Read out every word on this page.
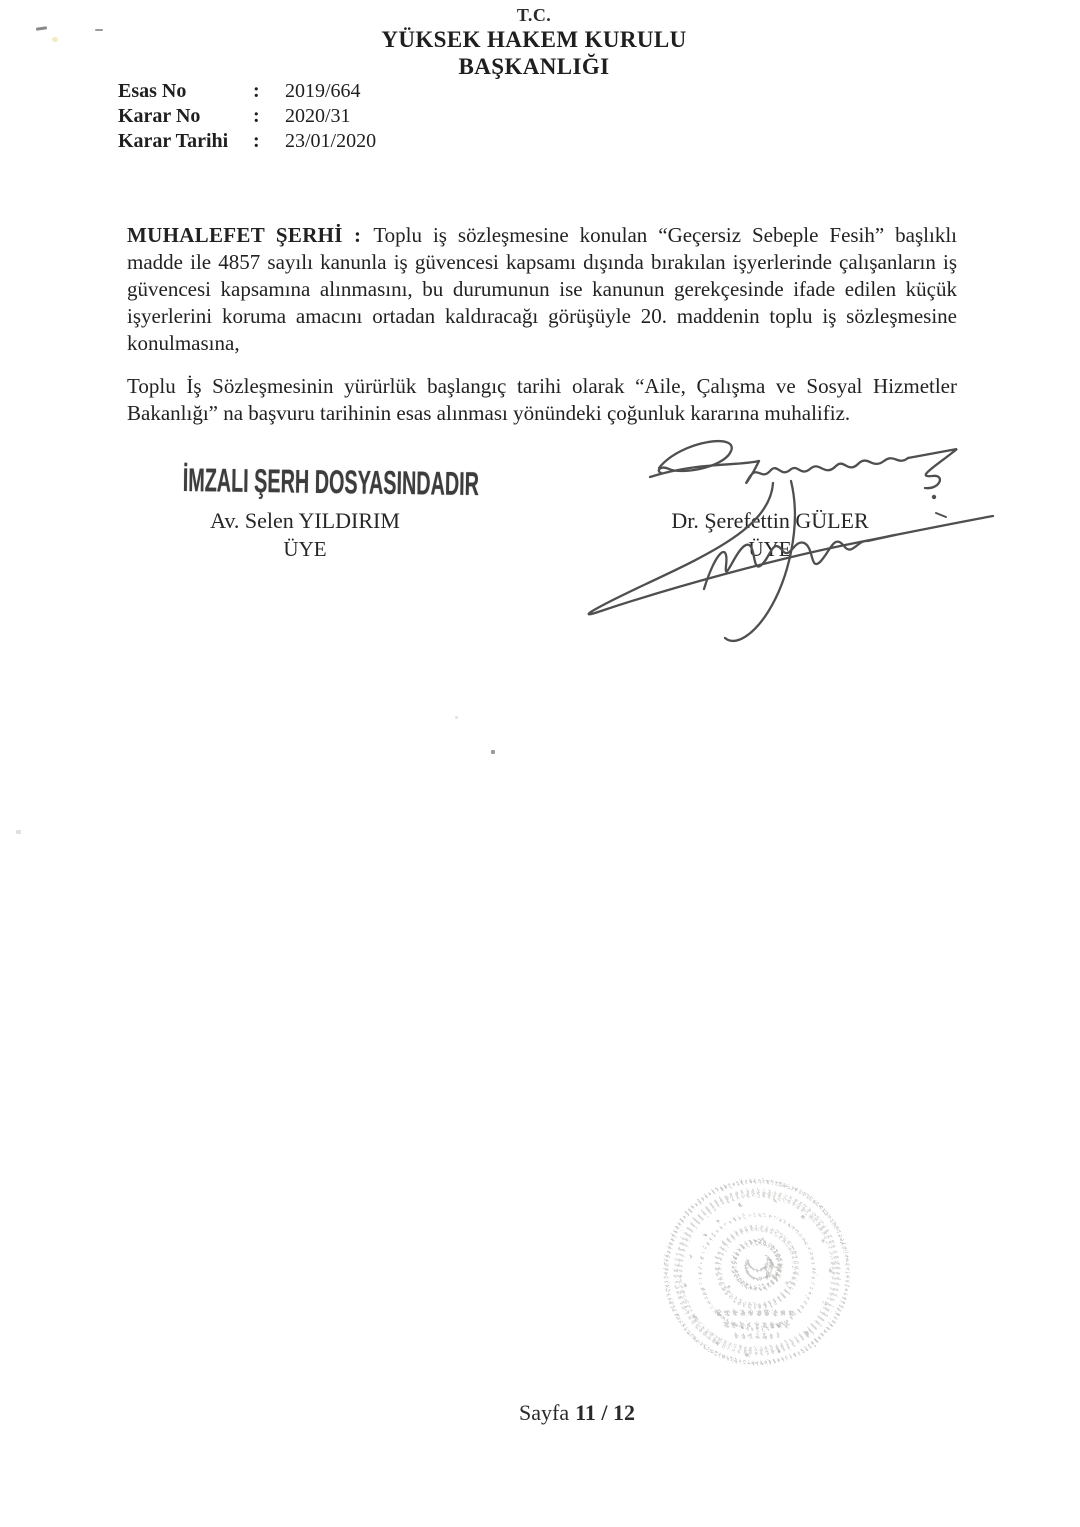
T.C.
YÜKSEK HAKEM KURULU
BAŞKANLIĞI
Esas No	:	2019/664
Karar No	:	2020/31
Karar Tarihi	:	23/01/2020

MUHALEFET ŞERHİ : Toplu iş sözleşmesine konulan “Geçersiz Sebeple Fesih” başlıklı madde ile 4857 sayılı kanunla iş güvencesi kapsamı dışında bırakılan işyerlerinde çalışanların iş güvencesi kapsamına alınmasını, bu durumunun ise kanunun gerekçesinde ifade edilen küçük işyerlerini koruma amacını ortadan kaldıracağı görüşüyle 20. maddenin toplu iş sözleşmesine konulmasına,

Toplu İş Sözleşmesinin yürürlük başlangıç tarihi olarak “Aile, Çalışma ve Sosyal Hizmetler Bakanlığı” na başvuru tarihinin esas alınması yönündeki çoğunluk kararına muhalifiz.

İMZALI ŞERH DOSYASINDADIR
Av. Selen YILDIRIM
ÜYE
Dr. Şerefettin GÜLER
ÜYE
Sayfa 11 / 12
